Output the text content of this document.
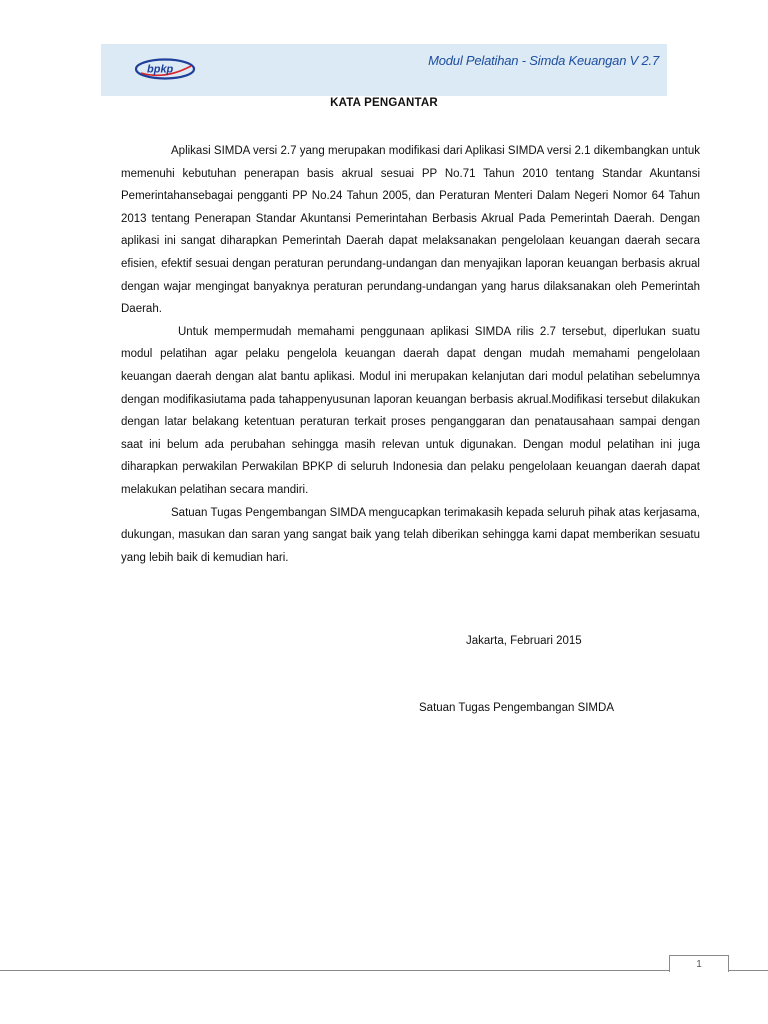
bpkp
Modul Pelatihan - Simda Keuangan V 2.7
KATA PENGANTAR

Aplikasi SIMDA versi 2.7 yang merupakan modifikasi dari Aplikasi SIMDA versi 2.1 dikembangkan untuk memenuhi kebutuhan penerapan basis akrual sesuai PP No.71 Tahun 2010 tentang Standar Akuntansi Pemerintahansebagai pengganti PP No.24 Tahun 2005, dan Peraturan Menteri Dalam Negeri Nomor 64 Tahun 2013 tentang Penerapan Standar Akuntansi Pemerintahan Berbasis Akrual Pada Pemerintah Daerah. Dengan aplikasi ini sangat diharapkan Pemerintah Daerah dapat melaksanakan pengelolaan keuangan daerah secara efisien, efektif sesuai dengan peraturan perundang-undangan dan menyajikan laporan keuangan berbasis akrual dengan wajar mengingat banyaknya peraturan perundang-undangan yang harus dilaksanakan oleh Pemerintah Daerah.

Untuk mempermudah memahami penggunaan aplikasi SIMDA rilis 2.7 tersebut, diperlukan suatu modul pelatihan agar pelaku pengelola keuangan daerah dapat dengan mudah memahami pengelolaan keuangan daerah dengan alat bantu aplikasi. Modul ini merupakan kelanjutan dari modul pelatihan sebelumnya dengan modifikasiutama pada tahappenyusunan laporan keuangan berbasis akrual.Modifikasi tersebut dilakukan dengan latar belakang ketentuan peraturan terkait proses penganggaran dan penatausahaan sampai dengan saat ini belum ada perubahan sehingga masih relevan untuk digunakan. Dengan modul pelatihan ini juga diharapkan perwakilan Perwakilan BPKP di seluruh Indonesia dan pelaku pengelolaan keuangan daerah dapat melakukan pelatihan secara mandiri.

Satuan Tugas Pengembangan SIMDA mengucapkan terimakasih kepada seluruh pihak atas kerjasama, dukungan, masukan dan saran yang sangat baik yang telah diberikan sehingga kami dapat memberikan sesuatu yang lebih baik di kemudian hari.

Jakarta, Februari 2015
Satuan Tugas Pengembangan SIMDA
1
